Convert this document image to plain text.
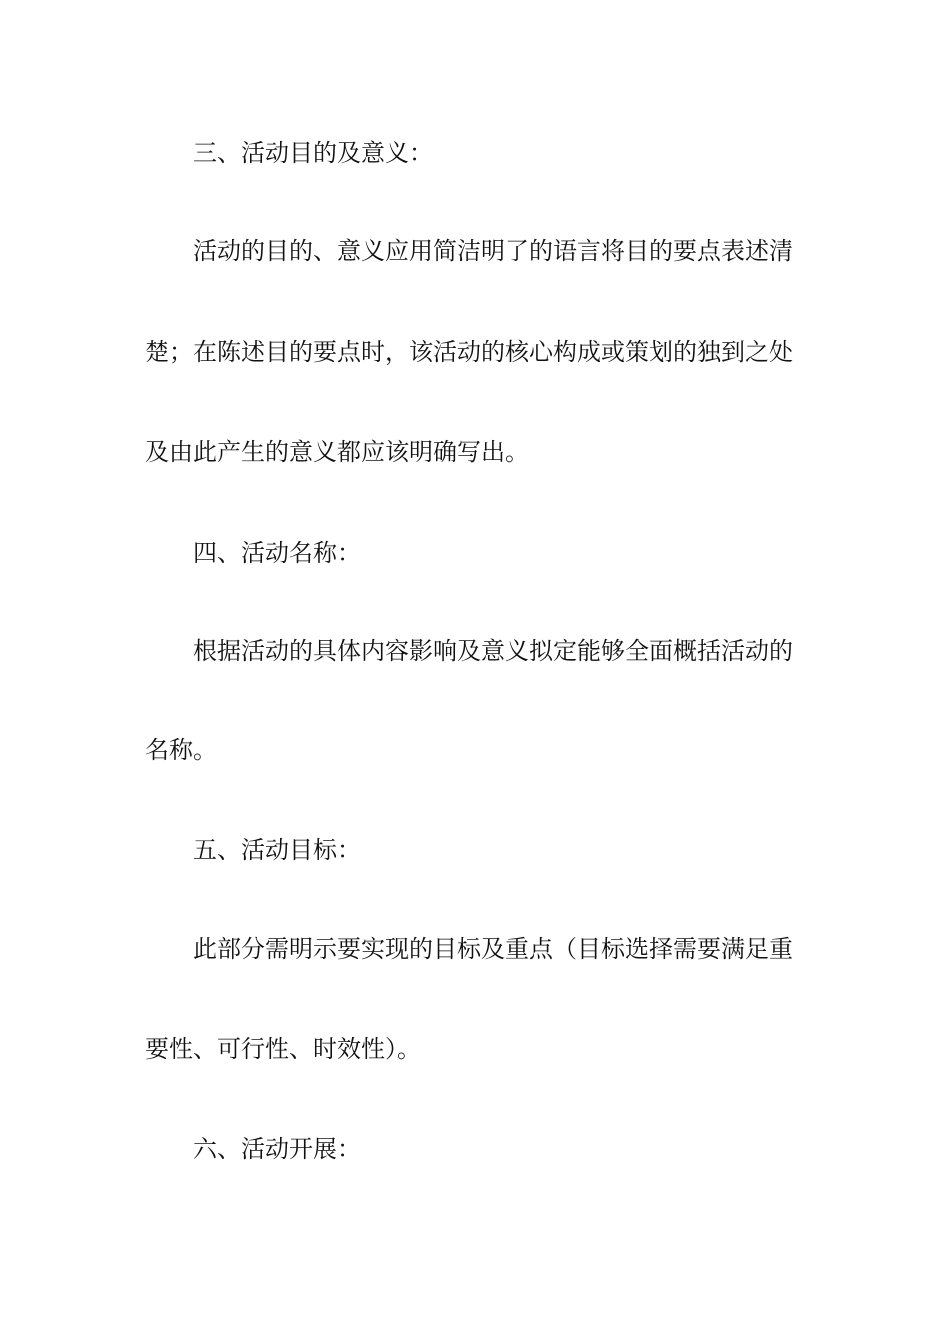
三、活动目的及意义：
活动的目的、意义应用简洁明了的语言将目的要点表述清
楚；在陈述目的要点时，该活动的核心构成或策划的独到之处
及由此产生的意义都应该明确写出。
四、活动名称：
根据活动的具体内容影响及意义拟定能够全面概括活动的
名称。
五、活动目标：
此部分需明示要实现的目标及重点（目标选择需要满足重
要性、可行性、时效性）。
六、活动开展：
